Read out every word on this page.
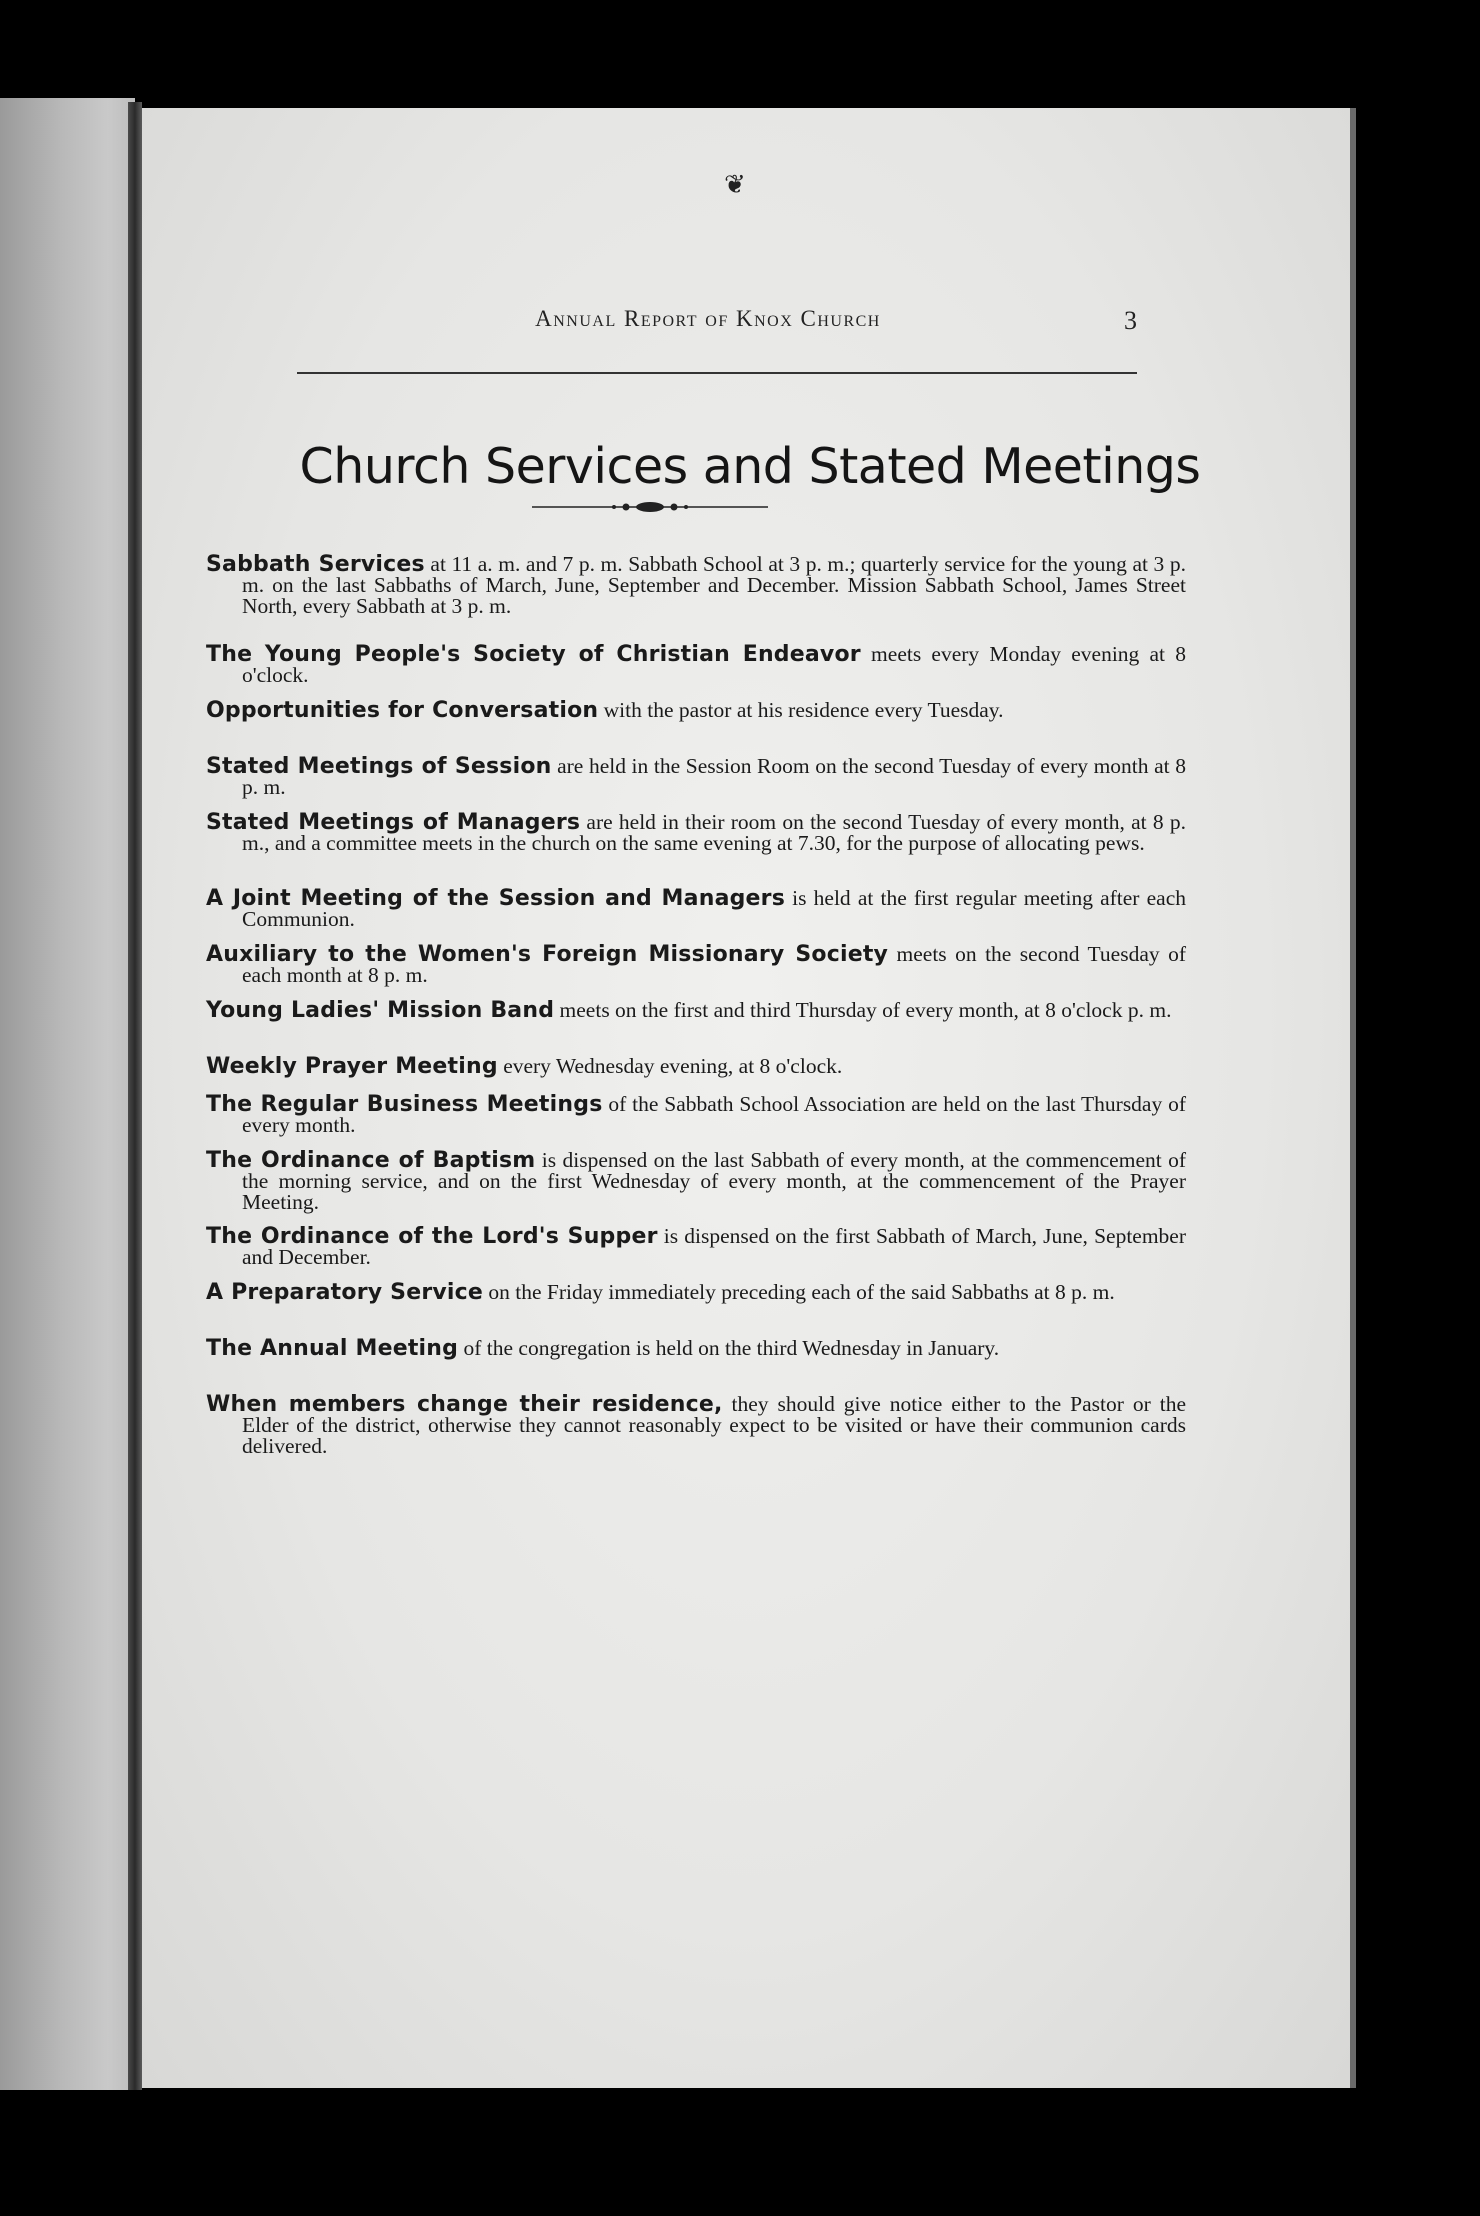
❦
Annual Report of Knox Church	3
Church Services and Stated Meetings

Sabbath Services at 11 a. m. and 7 p. m. Sabbath School at 3 p. m.; quarterly service for the young at 3 p. m. on the last Sabbaths of March, June, September and December. Mission Sabbath School, James Street North, every Sabbath at 3 p. m.

The Young People's Society of Christian Endeavor meets every Monday evening at 8 o'clock.

Opportunities for Conversation with the pastor at his residence every Tuesday.

Stated Meetings of Session are held in the Session Room on the second Tuesday of every month at 8 p. m.

Stated Meetings of Managers are held in their room on the second Tuesday of every month, at 8 p. m., and a committee meets in the church on the same evening at 7.30, for the purpose of allocating pews.

A Joint Meeting of the Session and Managers is held at the first regular meeting after each Communion.

Auxiliary to the Women's Foreign Missionary Society meets on the second Tuesday of each month at 8 p. m.

Young Ladies' Mission Band meets on the first and third Thursday of every month, at 8 o'clock p. m.

Weekly Prayer Meeting every Wednesday evening, at 8 o'clock.

The Regular Business Meetings of the Sabbath School Association are held on the last Thursday of every month.

The Ordinance of Baptism is dispensed on the last Sabbath of every month, at the commencement of the morning service, and on the first Wednesday of every month, at the commencement of the Prayer Meeting.

The Ordinance of the Lord's Supper is dispensed on the first Sabbath of March, June, September and December.

A Preparatory Service on the Friday immediately preceding each of the said Sabbaths at 8 p. m.

The Annual Meeting of the congregation is held on the third Wednesday in January.

When members change their residence, they should give notice either to the Pastor or the Elder of the district, otherwise they cannot reasonably expect to be visited or have their communion cards delivered.
